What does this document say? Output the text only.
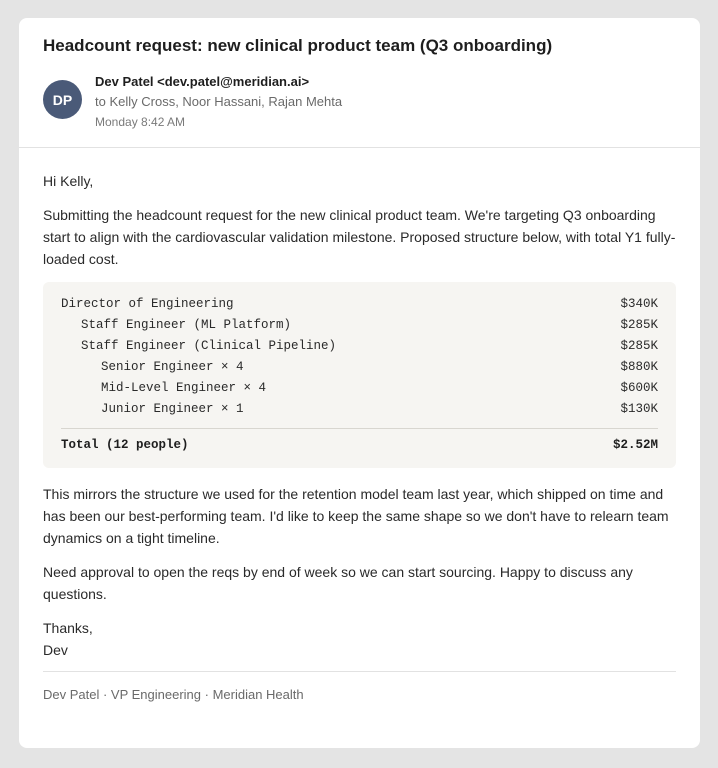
Headcount request: new clinical product team (Q3 onboarding)
DP
Dev Patel <dev.patel@meridian.ai>
to Kelly Cross, Noor Hassani, Rajan Mehta
Monday 8:42 AM

Hi Kelly,

Submitting the headcount request for the new clinical product team. We're targeting Q3 onboarding start to align with the cardiovascular validation milestone. Proposed structure below, with total Y1 fully-loaded cost.

Director of Engineering	$340K
Staff Engineer (ML Platform)	$285K
Staff Engineer (Clinical Pipeline)	$285K
Senior Engineer × 4	$880K
Mid-Level Engineer × 4	$600K
Junior Engineer × 1	$130K
Total (12 people)	$2.52M

This mirrors the structure we used for the retention model team last year, which shipped on time and has been our best-performing team. I'd like to keep the same shape so we don't have to relearn team dynamics on a tight timeline.

Need approval to open the reqs by end of week so we can start sourcing. Happy to discuss any questions.

Thanks,
Dev
Dev Patel · VP Engineering · Meridian Health
